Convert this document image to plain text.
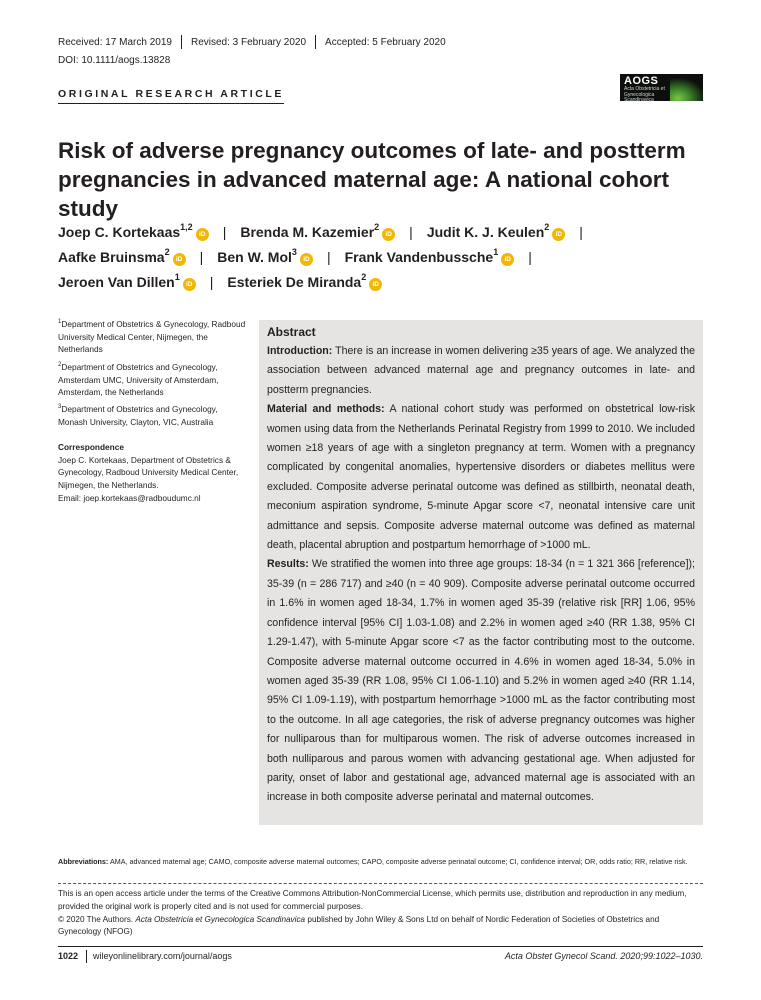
Received: 17 March 2019 Revised: 3 February 2020 Accepted: 5 February 2020
DOI: 10.1111/aogs.13828
ORIGINAL RESEARCH ARTICLE
AOGS
Acta Obstetricia et Gynecologica Scandinavica
Risk of adverse pregnancy outcomes of late- and postterm pregnancies in advanced maternal age: A national cohort study
Joep C. Kortekaas$^{1,2}$iD | Brenda M. Kazemier$^2$iD | Judit K. J. Keulen$^2$iD |
Aafke Bruinsma$^2$iD | Ben W. Mol$^3$iD | Frank Vandenbussche$^1$iD |
Jeroen Van Dillen$^1$iD | Esteriek De Miranda$^2$iD
$^1$Department of Obstetrics & Gynecology, Radboud University Medical Center, Nijmegen, the Netherlands
$^2$Department of Obstetrics and Gynecology, Amsterdam UMC, University of Amsterdam, Amsterdam, the Netherlands
$^3$Department of Obstetrics and Gynecology, Monash University, Clayton, VIC, Australia
Correspondence
Joep C. Kortekaas, Department of Obstetrics & Gynecology, Radboud University Medical Center, Nijmegen, the Netherlands.
Email: joep.kortekaas@radboudumc.nl
Abstract

Introduction: There is an increase in women delivering ≥35 years of age. We analyzed the association between advanced maternal age and pregnancy outcomes in late- and postterm pregnancies.

Material and methods: A national cohort study was performed on obstetrical low-risk women using data from the Netherlands Perinatal Registry from 1999 to 2010. We included women ≥18 years of age with a singleton pregnancy at term. Women with a pregnancy complicated by congenital anomalies, hypertensive disorders or diabetes mellitus were excluded. Composite adverse perinatal outcome was defined as stillbirth, neonatal death, meconium aspiration syndrome, 5-minute Apgar score <7, neonatal intensive care unit admittance and sepsis. Composite adverse maternal outcome was defined as maternal death, placental abruption and postpartum hemorrhage of >1000 mL.

Results: We stratified the women into three age groups: 18-34 (n = 1 321 366 [reference]); 35-39 (n = 286 717) and ≥40 (n = 40 909). Composite adverse perinatal outcome occurred in 1.6% in women aged 18-34, 1.7% in women aged 35-39 (relative risk [RR] 1.06, 95% confidence interval [95% CI] 1.03-1.08) and 2.2% in women aged ≥40 (RR 1.38, 95% CI 1.29-1.47), with 5-minute Apgar score <7 as the factor contributing most to the outcome. Composite adverse maternal outcome occurred in 4.6% in women aged 18-34, 5.0% in women aged 35-39 (RR 1.08, 95% CI 1.06-1.10) and 5.2% in women aged ≥40 (RR 1.14, 95% CI 1.09-1.19), with postpartum hemorrhage >1000 mL as the factor contributing most to the outcome. In all age categories, the risk of adverse pregnancy outcomes was higher for nulliparous than for multiparous women. The risk of adverse outcomes increased in both nulliparous and parous women with advancing gestational age. When adjusted for parity, onset of labor and gestational age, advanced maternal age is associated with an increase in both composite adverse perinatal and maternal outcomes.

Abbreviations: AMA, advanced maternal age; CAMO, composite adverse maternal outcomes; CAPO, composite adverse perinatal outcome; CI, confidence interval; OR, odds ratio; RR, relative risk.
This is an open access article under the terms of the Creative Commons Attribution-NonCommercial License, which permits use, distribution and reproduction in any medium, provided the original work is properly cited and is not used for commercial purposes.
© 2020 The Authors. Acta Obstetricia et Gynecologica Scandinavica published by John Wiley & Sons Ltd on behalf of Nordic Federation of Societies of Obstetrics and Gynecology (NFOG)
1022 wileyonlinelibrary.com/journal/aogs	Acta Obstet Gynecol Scand. 2020;99:1022–1030.
